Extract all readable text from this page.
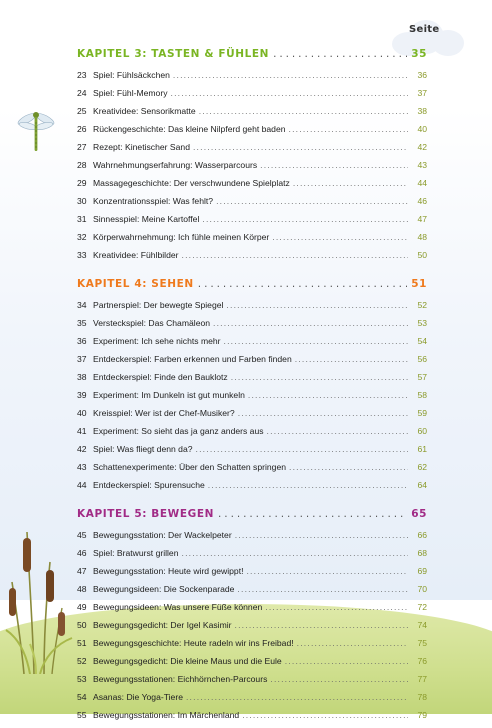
Seite
KAPITEL 3: TASTEN & FÜHLEN . . .	35
23 Spiel: Fühlsäckchen . . .	36
24 Spiel: Fühl-Memory . . .	37
25 Kreatividee: Sensorikmatte . . .	38
26 Rückengeschichte: Das kleine Nilpferd geht baden . . .	40
27 Rezept: Kinetischer Sand . . .	42
28 Wahrnehmungserfahrung: Wasserparcours . . .	43
29 Massagegeschichte: Der verschwundene Spielplatz . . .	44
30 Konzentrationsspiel: Was fehlt? . . .	46
31 Sinnesspiel: Meine Kartoffel . . .	47
32 Körperwahrnehmung: Ich fühle meinen Körper . . .	48
33 Kreatividee: Fühlbilder . . .	50
KAPITEL 4: SEHEN . . .	51
34 Partnerspiel: Der bewegte Spiegel . . .	52
35 Versteckspiel: Das Chamäleon . . .	53
36 Experiment: Ich sehe nichts mehr . . .	54
37 Entdeckerspiel: Farben erkennen und Farben finden . . .	56
38 Entdeckerspiel: Finde den Bauklotz . . .	57
39 Experiment: Im Dunkeln ist gut munkeln . . .	58
40 Kreisspiel: Wer ist der Chef-Musiker? . . .	59
41 Experiment: So sieht das ja ganz anders aus . . .	60
42 Spiel: Was fliegt denn da? . . .	61
43 Schattenexperimente: Über den Schatten springen . . .	62
44 Entdeckerspiel: Spurensuche . . .	64
KAPITEL 5: BEWEGEN . . .	65
45 Bewegungsstation: Der Wackelpeter . . .	66
46 Spiel: Bratwurst grillen . . .	68
47 Bewegungsstation: Heute wird gewippt! . . .	69
48 Bewegungsideen: Die Sockenparade . . .	70
49 Bewegungsideen: Was unsere Füße können . . .	72
50 Bewegungsgedicht: Der Igel Kasimir . . .	74
51 Bewegungsgeschichte: Heute radeln wir ins Freibad! . . .	75
52 Bewegungsgedicht: Die kleine Maus und die Eule . . .	76
53 Bewegungsstationen: Eichhörnchen-Parcours . . .	77
54 Asanas: Die Yoga-Tiere . . .	78
55 Bewegungsstationen: Im Märchenland . . .	79
